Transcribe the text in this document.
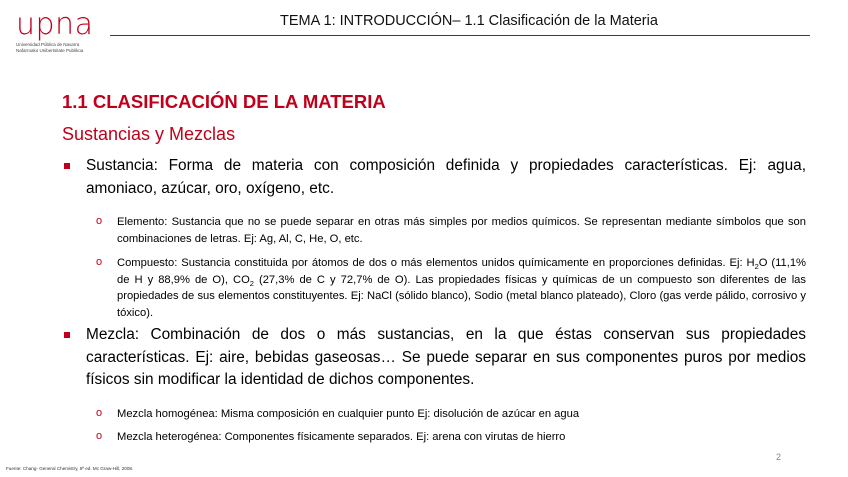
upna
Universidad Pública de Navarra Nafarroako Unibertsitate Publikoa
TEMA 1: INTRODUCCIÓN– 1.1 Clasificación de la Materia
1.1 CLASIFICACIÓN DE LA MATERIA
Sustancias y Mezclas
Sustancia: Forma de materia con composición definida y propiedades características. Ej: agua, amoniaco, azúcar, oro, oxígeno, etc.
o Elemento: Sustancia que no se puede separar en otras más simples por medios químicos. Se representan mediante símbolos que son combinaciones de letras. Ej: Ag, Al, C, He, O, etc.
o Compuesto: Sustancia constituida por átomos de dos o más elementos unidos químicamente en proporciones definidas. Ej: $H_2O$ (11,1% de H y 88,9% de O), $CO_2$ (27,3% de C y 72,7% de O). Las propiedades físicas y químicas de un compuesto son diferentes de las propiedades de sus elementos constituyentes. Ej: NaCl (sólido blanco), Sodio (metal blanco plateado), Cloro (gas verde pálido, corrosivo y tóxico).
Mezcla: Combinación de dos o más sustancias, en la que éstas conservan sus propiedades características. Ej: aire, bebidas gaseosas… Se puede separar en sus componentes puros por medios físicos sin modificar la identidad de dichos componentes.
o Mezcla homogénea: Misma composición en cualquier punto Ej: disolución de azúcar en agua
o Mezcla heterogénea: Componentes físicamente separados. Ej: arena con virutas de hierro
2
Fuente: Chang- General Chemistry, 5ª ed. Mc Graw-Hill, 2008.
